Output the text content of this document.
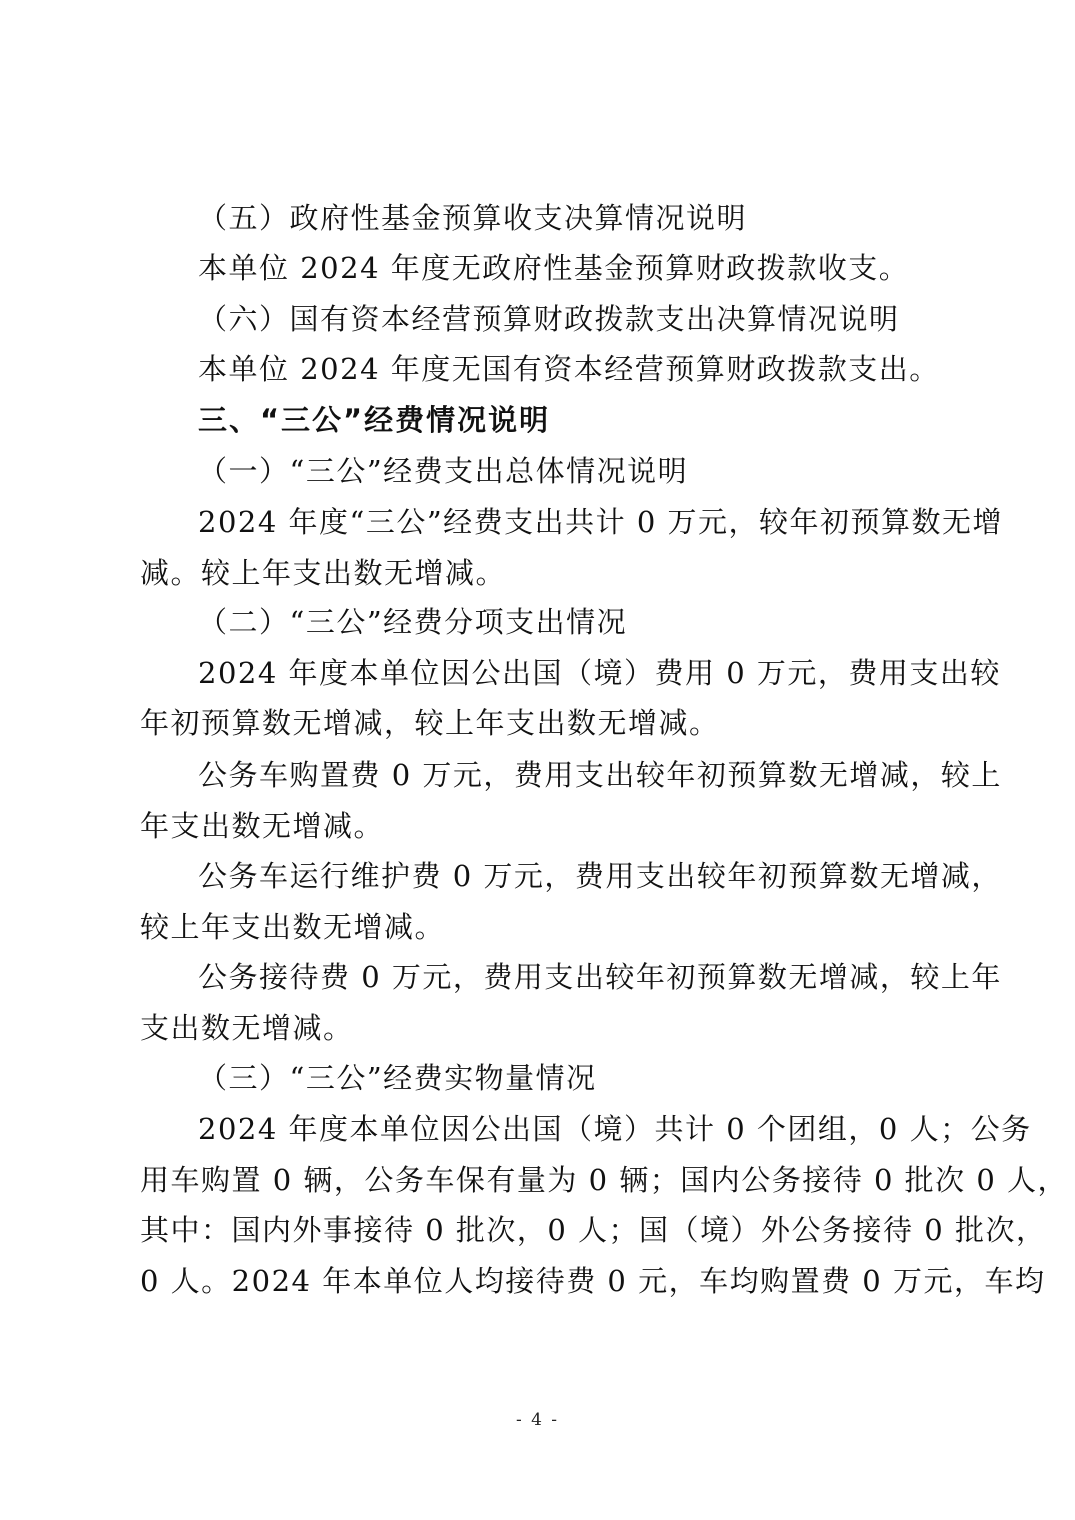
（五）政府性基金预算收支决算情况说明
本单位 2024 年度无政府性基金预算财政拨款收支。
（六）国有资本经营预算财政拨款支出决算情况说明
本单位 2024 年度无国有资本经营预算财政拨款支出。
三、“三公”经费情况说明
（一）“三公”经费支出总体情况说明
2024 年度“三公”经费支出共计 0 万元，较年初预算数无增
减。较上年支出数无增减。
（二）“三公”经费分项支出情况
2024 年度本单位因公出国（境）费用 0 万元，费用支出较
年初预算数无增减，较上年支出数无增减。
公务车购置费 0 万元，费用支出较年初预算数无增减，较上
年支出数无增减。
公务车运行维护费 0 万元，费用支出较年初预算数无增减，
较上年支出数无增减。
公务接待费 0 万元，费用支出较年初预算数无增减，较上年
支出数无增减。
（三）“三公”经费实物量情况
2024 年度本单位因公出国（境）共计 0 个团组，0 人；公务
用车购置 0 辆，公务车保有量为 0 辆；国内公务接待 0 批次 0 人，
其中：国内外事接待 0 批次，0 人；国（境）外公务接待 0 批次，
0 人。2024 年本单位人均接待费 0 元，车均购置费 0 万元，车均
- 4 -
